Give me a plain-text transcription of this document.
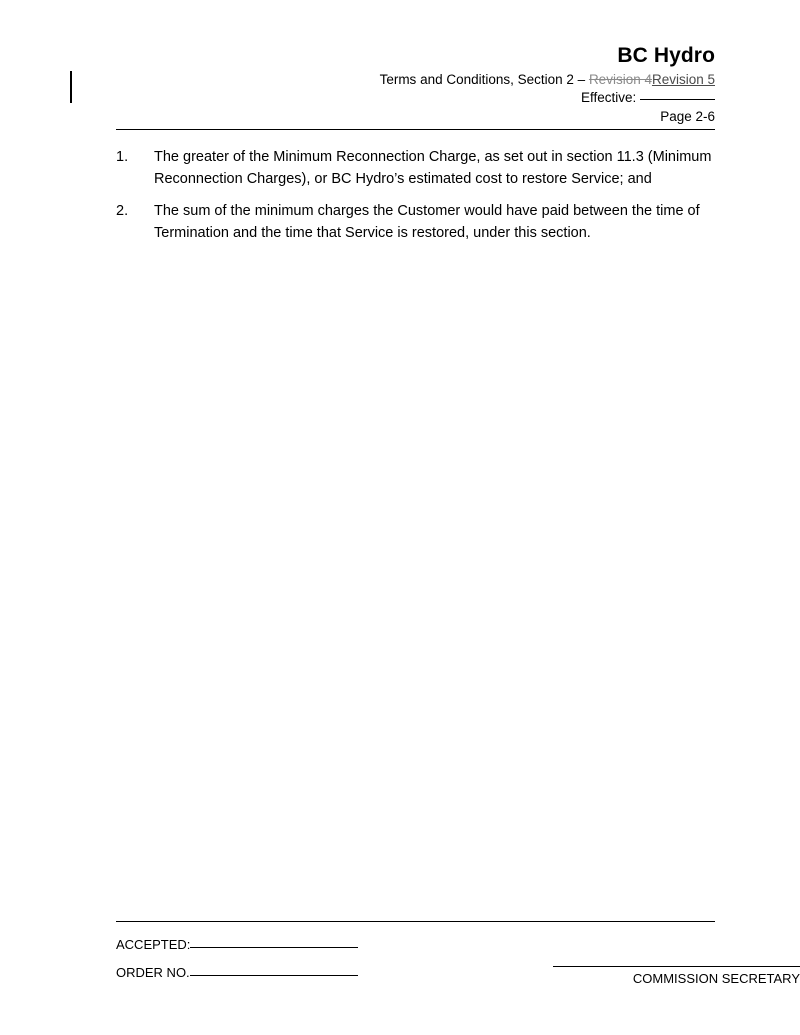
BC Hydro
Terms and Conditions, Section 2 – Revision 4Revision 5
Effective:
Page 2-6
1.	The greater of the Minimum Reconnection Charge, as set out in section 11.3 (Minimum Reconnection Charges), or BC Hydro’s estimated cost to restore Service; and
2.	The sum of the minimum charges the Customer would have paid between the time of Termination and the time that Service is restored, under this section.
ACCEPTED:
ORDER NO.	COMMISSION SECRETARY
